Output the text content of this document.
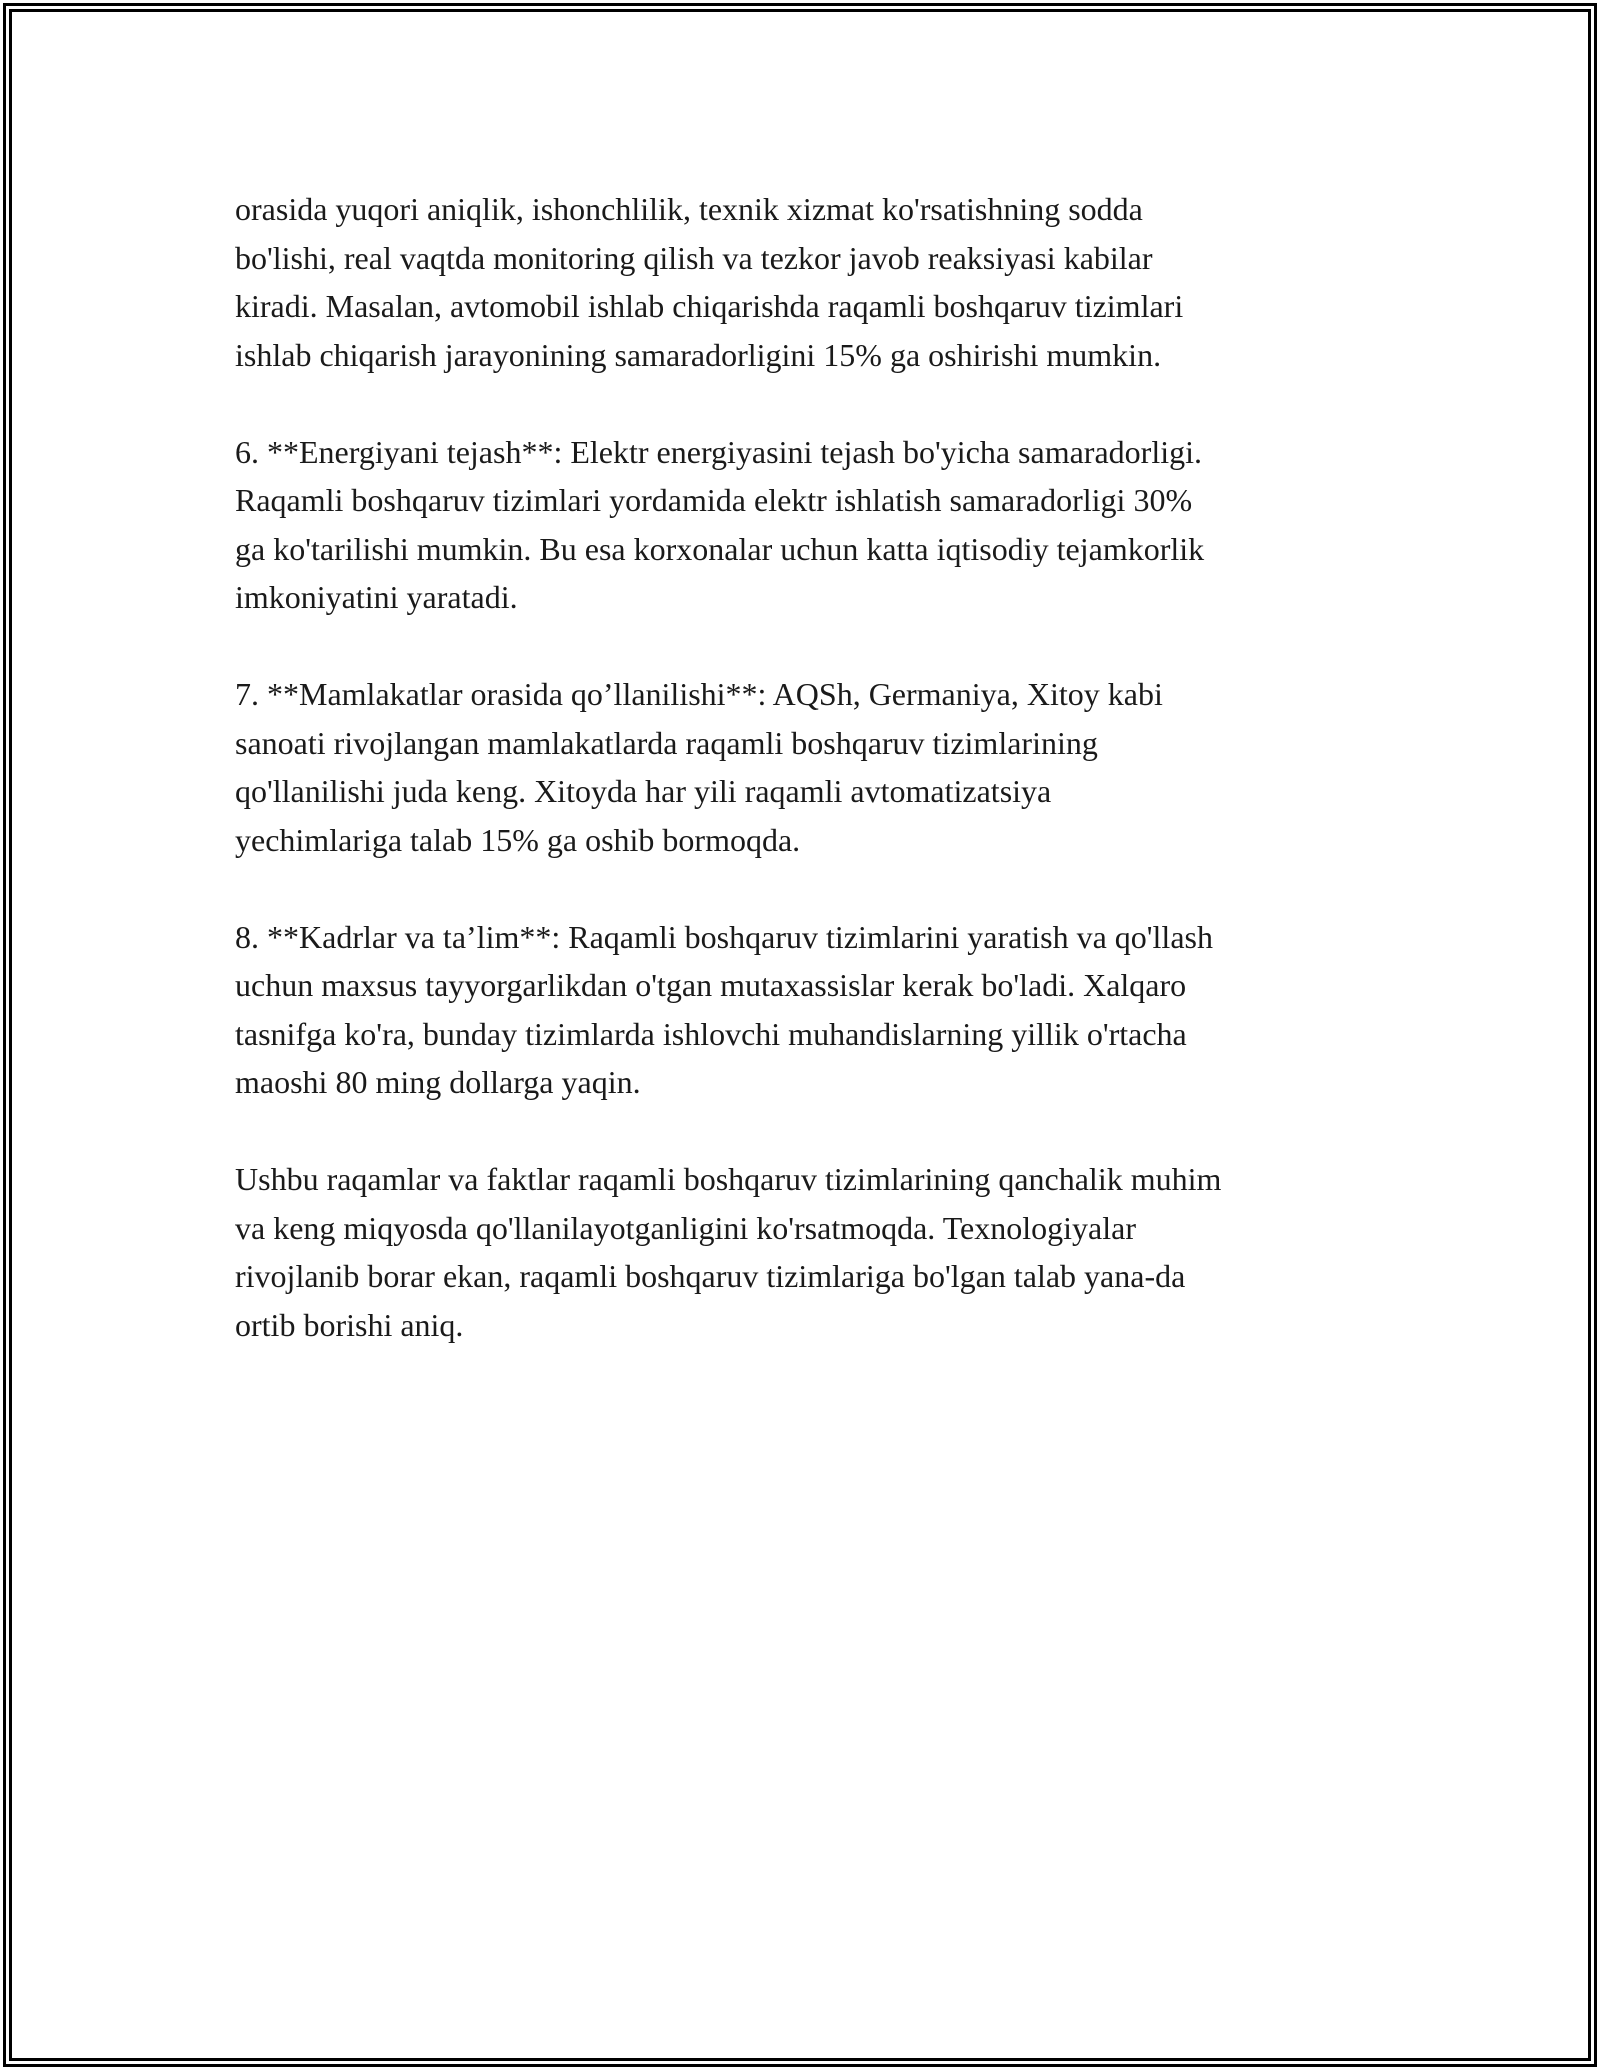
orasida yuqori aniqlik, ishonchlilik, texnik xizmat ko'rsatishning sodda
bo'lishi, real vaqtda monitoring qilish va tezkor javob reaksiyasi kabilar
kiradi. Masalan, avtomobil ishlab chiqarishda raqamli boshqaruv tizimlari
ishlab chiqarish jarayonining samaradorligini 15% ga oshirishi mumkin.

6. **Energiyani tejash**: Elektr energiyasini tejash bo'yicha samaradorligi.
Raqamli boshqaruv tizimlari yordamida elektr ishlatish samaradorligi 30%
ga ko'tarilishi mumkin. Bu esa korxonalar uchun katta iqtisodiy tejamkorlik
imkoniyatini yaratadi.

7. **Mamlakatlar orasida qo’llanilishi**: AQSh, Germaniya, Xitoy kabi
sanoati rivojlangan mamlakatlarda raqamli boshqaruv tizimlarining
qo'llanilishi juda keng. Xitoyda har yili raqamli avtomatizatsiya
yechimlariga talab 15% ga oshib bormoqda.

8. **Kadrlar va ta’lim**: Raqamli boshqaruv tizimlarini yaratish va qo'llash
uchun maxsus tayyorgarlikdan o'tgan mutaxassislar kerak bo'ladi. Xalqaro
tasnifga ko'ra, bunday tizimlarda ishlovchi muhandislarning yillik o'rtacha
maoshi 80 ming dollarga yaqin.

Ushbu raqamlar va faktlar raqamli boshqaruv tizimlarining qanchalik muhim
va keng miqyosda qo'llanilayotganligini ko'rsatmoqda. Texnologiyalar
rivojlanib borar ekan, raqamli boshqaruv tizimlariga bo'lgan talab yana-da
ortib borishi aniq.
